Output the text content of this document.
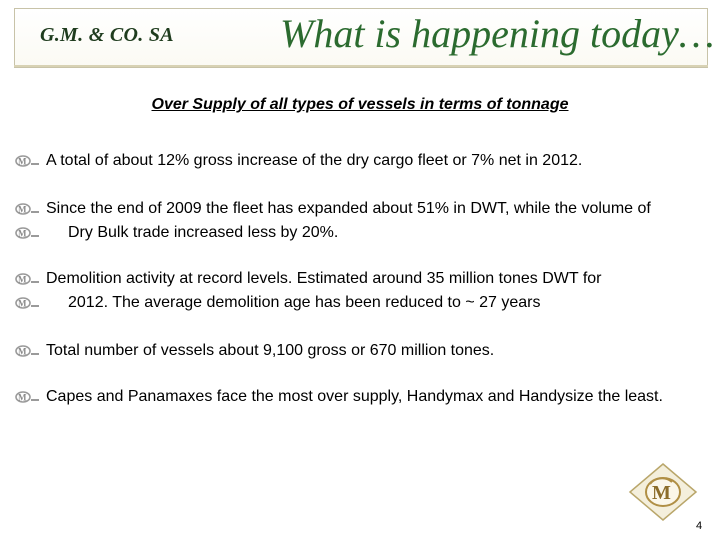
G.M. & CO. SA	What is happening today…
Over Supply of all types of vessels in terms of tonnage
M A total of about 12% gross increase of the dry cargo fleet or 7% net in 2012.
M Since the end of 2009 the fleet has expanded about 51% in DWT, while the volume of
M	Dry Bulk trade increased less by 20%.
M Demolition activity at record levels. Estimated around 35 million tones DWT for
M	2012. The average demolition age has been reduced to ~ 27 years
M Total number of vessels about 9,100 gross or 670 million tones.
M Capes and Panamaxes face the most over supply, Handymax and Handysize the least.
M
4
